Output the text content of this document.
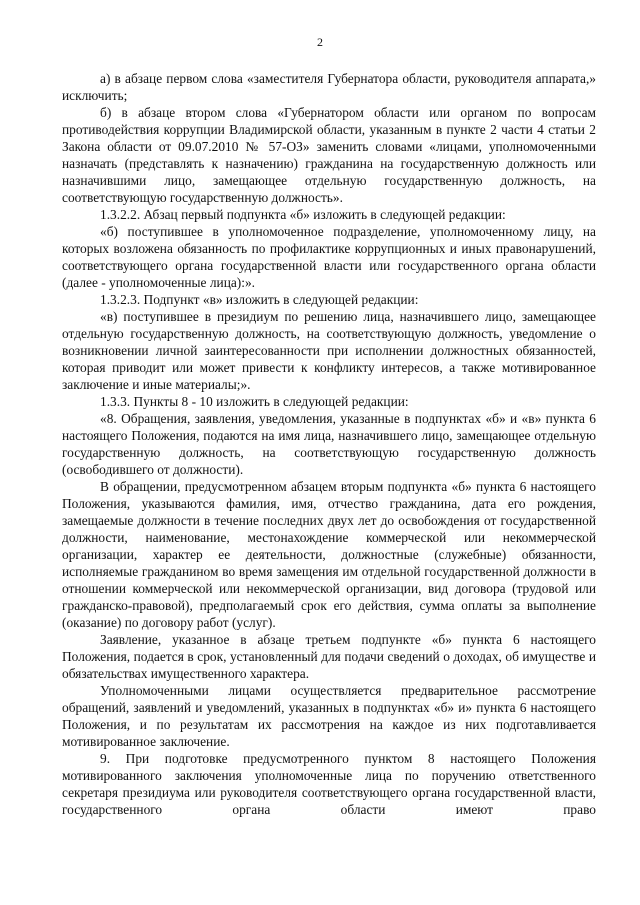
2

а) в абзаце первом слова «заместителя Губернатора области, руководителя аппарата,» исключить;

б) в абзаце втором слова «Губернатором области или органом по вопросам противодействия коррупции Владимирской области, указанным в пункте 2 части 4 статьи 2 Закона области от 09.07.2010 № 57-ОЗ» заменить словами «лицами, уполномоченными назначать (представлять к назначению) гражданина на государственную должность или назначившими лицо, замещающее отдельную государственную должность, на соответствующую государственную должность».

1.3.2.2. Абзац первый подпункта «б» изложить в следующей редакции:

«б) поступившее в уполномоченное подразделение, уполномоченному лицу, на которых возложена обязанность по профилактике коррупционных и иных правонарушений, соответствующего органа государственной власти или государственного органа области (далее - уполномоченные лица):».

1.3.2.3. Подпункт «в» изложить в следующей редакции:

«в) поступившее в президиум по решению лица, назначившего лицо, замещающее отдельную государственную должность, на соответствующую должность, уведомление о возникновении личной заинтересованности при исполнении должностных обязанностей, которая приводит или может привести к конфликту интересов, а также мотивированное заключение и иные материалы;».

1.3.3. Пункты 8 - 10 изложить в следующей редакции:

«8. Обращения, заявления, уведомления, указанные в подпунктах «б» и «в» пункта 6 настоящего Положения, подаются на имя лица, назначившего лицо, замещающее отдельную государственную должность, на соответствующую государственную должность (освободившего от должности).

В обращении, предусмотренном абзацем вторым подпункта «б» пункта 6 настоящего Положения, указываются фамилия, имя, отчество гражданина, дата его рождения, замещаемые должности в течение последних двух лет до освобождения от государственной должности, наименование, местонахождение коммерческой или некоммерческой организации, характер ее деятельности, должностные (служебные) обязанности, исполняемые гражданином во время замещения им отдельной государственной должности в отношении коммерческой или некоммерческой организации, вид договора (трудовой или гражданско-правовой), предполагаемый срок его действия, сумма оплаты за выполнение (оказание) по договору работ (услуг).

Заявление, указанное в абзаце третьем подпункте «б» пункта 6 настоящего Положения, подается в срок, установленный для подачи сведений о доходах, об имуществе и обязательствах имущественного характера.

Уполномоченными лицами осуществляется предварительное рассмотрение обращений, заявлений и уведомлений, указанных в подпунктах «б» и» пункта 6 настоящего Положения, и по результатам их рассмотрения на каждое из них подготавливается мотивированное заключение.

9. При подготовке предусмотренного пунктом 8 настоящего Положения мотивированного заключения уполномоченные лица по поручению ответственного секретаря президиума или руководителя соответствующего органа государственной власти, государственного органа области имеют право
